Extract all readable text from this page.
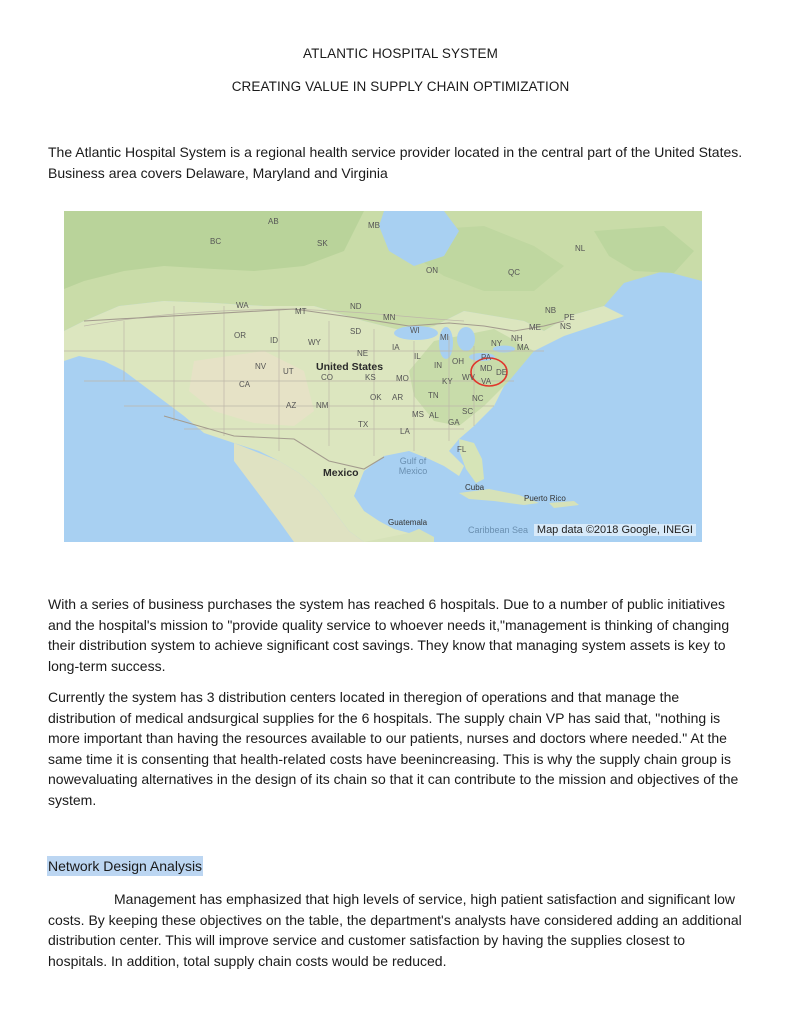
ATLANTIC HOSPITAL SYSTEM
CREATING VALUE IN SUPPLY CHAIN OPTIMIZATION

The Atlantic Hospital System is a regional health service provider located in the central part of the United States. Business area covers Delaware, Maryland and Virginia

AB	MB
BC	SK
ON	QC
NL
NB
PE
NS
WA
MT
ND
MN
OR
ID	WY
SD	WI
MI
ME
NH
MA
NY
NV
UT
CO
NE
IA
IL
IN OH PA
CA
KS	MO	KY WV
MD DE
VA
AZ NM
OK AR	TN	NC
TX
MS AL
GA
SC
LA
FL
United States
Mexico
Gulf of Mexico
Cuba
Puerto Rico
Guatemala
Caribbean Sea Map data ©2018 Google, INEGI

With a series of business purchases the system has reached 6 hospitals. Due to a number of public initiatives and the hospital's mission to "provide quality service to whoever needs it,"management is thinking of changing their distribution system to achieve significant cost savings. They know that managing system assets is key to long-term success.

Currently the system has 3 distribution centers located in theregion of operations and that manage the distribution of medical andsurgical supplies for the 6 hospitals. The supply chain VP has said that, "nothing is more important than having the resources available to our patients, nurses and doctors where needed." At the same time it is consenting that health-related costs have beenincreasing. This is why the supply chain group is nowevaluating alternatives in the design of its chain so that it can contribute to the mission and objectives of the system.

Network Design Analysis

Management has emphasized that high levels of service, high patient satisfaction and significant low costs. By keeping these objectives on the table, the department's analysts have considered adding an additional distribution center. This will improve service and customer satisfaction by having the supplies closest to hospitals. In addition, total supply chain costs would be reduced.
